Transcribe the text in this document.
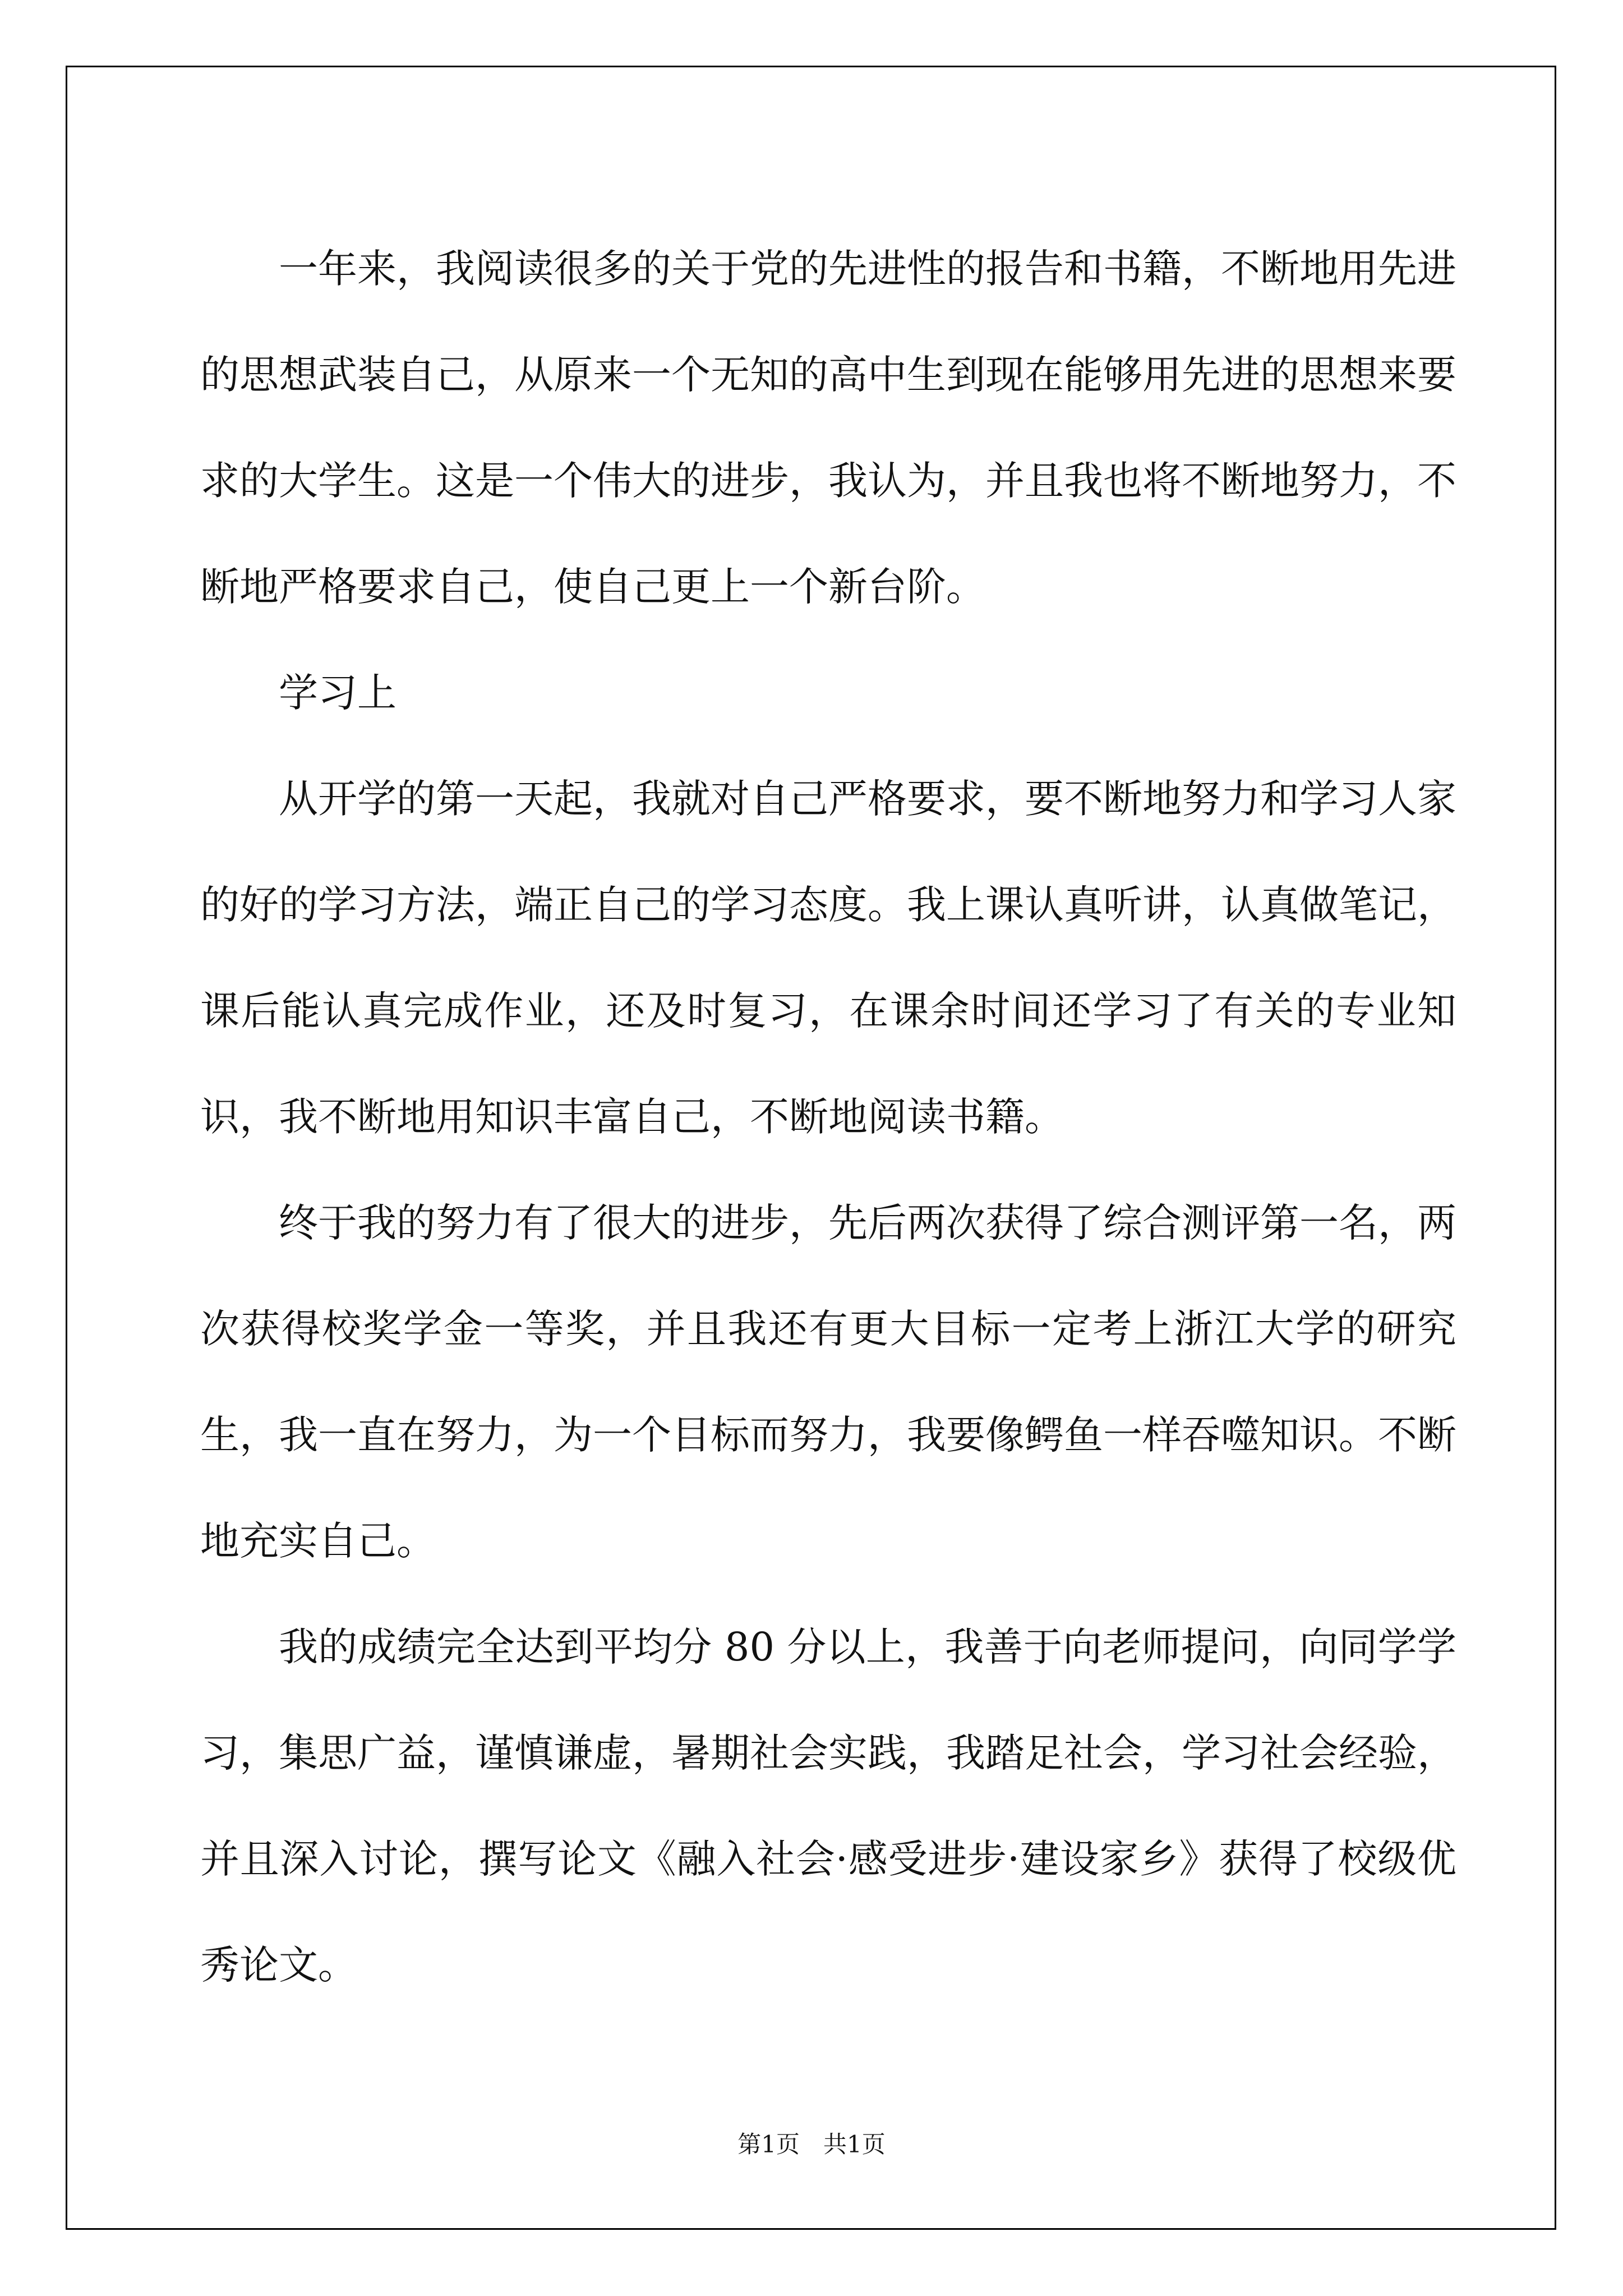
一年来，我阅读很多的关于党的先进性的报告和书籍，不断地用先进的思想武装自己，从原来一个无知的高中生到现在能够用先进的思想来要求的大学生。这是一个伟大的进步，我认为，并且我也将不断地努力，不断地严格要求自己，使自己更上一个新台阶。

学习上

从开学的第一天起，我就对自己严格要求，要不断地努力和学习人家的好的学习方法，端正自己的学习态度。我上课认真听讲，认真做笔记，课后能认真完成作业，还及时复习，在课余时间还学习了有关的专业知识，我不断地用知识丰富自己，不断地阅读书籍。

终于我的努力有了很大的进步，先后两次获得了综合测评第一名，两次获得校奖学金一等奖，并且我还有更大目标一定考上浙江大学的研究生，我一直在努力，为一个目标而努力，我要像鳄鱼一样吞噬知识。不断地充实自己。

我的成绩完全达到平均分 80 分以上，我善于向老师提问，向同学学习，集思广益，谨慎谦虚，暑期社会实践，我踏足社会，学习社会经验，并且深入讨论，撰写论文《融入社会·感受进步·建设家乡》获得了校级优秀论文。

第1页　共1页
